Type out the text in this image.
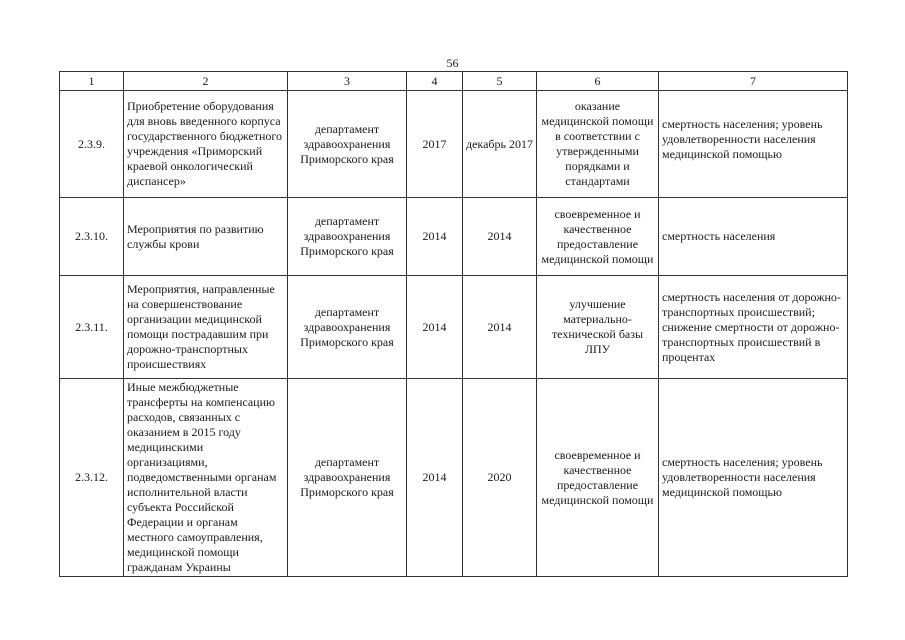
56
1	2	3	4	5	6	7
2.3.9.	Приобретение оборудования для вновь введенного корпуса государственного бюджетного учреждения «Приморский краевой онкологический диспансер»	департамент здравоохранения Приморского края	2017	декабрь 2017	оказание медицинской помощи в соответствии с утвержденными порядками и стандартами	смертность населения; уровень удовлетворенности населения медицинской помощью
2.3.10.	Мероприятия по развитию службы крови	департамент здравоохранения Приморского края	2014	2014	своевременное и качественное предоставление медицинской помощи	смертность населения
2.3.11.	Мероприятия, направленные на совершенствование организации медицинской помощи пострадавшим при дорожно-транспортных происшествиях	департамент здравоохранения Приморского края	2014	2014	улучшение материально-технической базы ЛПУ	смертность населения от дорожно-транспортных происшествий; снижение смертности от дорожно-транспортных происшествий в процентах
2.3.12.	Иные межбюджетные трансферты на компенсацию расходов, связанных с оказанием в 2015 году медицинскими организациями, подведомственными органам исполнительной власти субъекта Российской Федерации и органам местного самоуправления, медицинской помощи гражданам Украины	департамент здравоохранения Приморского края	2014	2020	своевременное и качественное предоставление медицинской помощи	смертность населения; уровень удовлетворенности населения медицинской помощью
